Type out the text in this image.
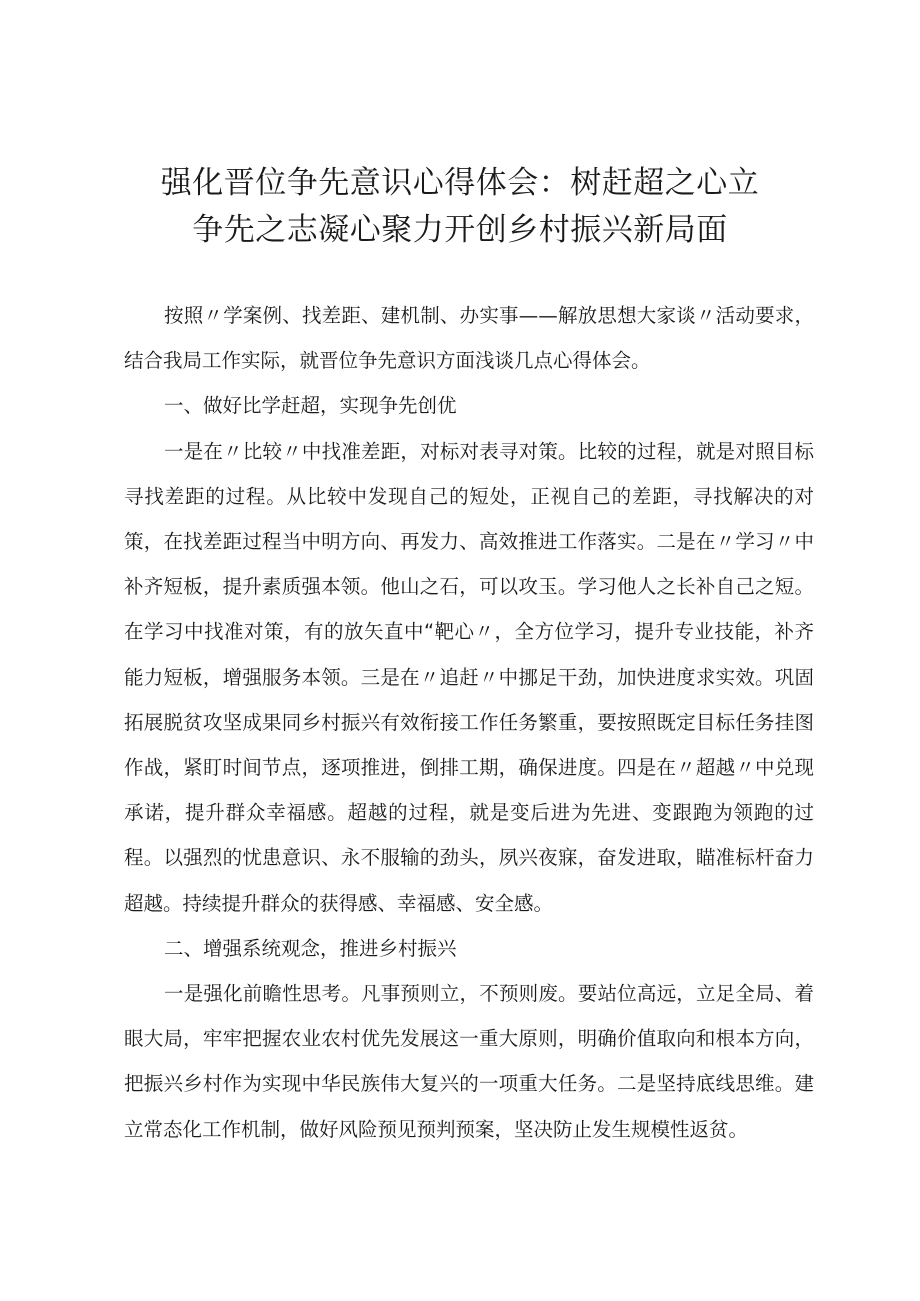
强化晋位争先意识心得体会：树赶超之心立
争先之志凝心聚力开创乡村振兴新局面

按照〃学案例、找差距、建机制、办实事——解放思想大家谈〃活动要求，结合我局工作实际，就晋位争先意识方面浅谈几点心得体会。

一、做好比学赶超，实现争先创优

一是在〃比较〃中找准差距，对标对表寻对策。比较的过程，就是对照目标寻找差距的过程。从比较中发现自己的短处，正视自己的差距，寻找解决的对策，在找差距过程当中明方向、再发力、高效推进工作落实。二是在〃学习〃中补齐短板，提升素质强本领。他山之石，可以攻玉。学习他人之长补自己之短。在学习中找准对策，有的放矢直中“靶心〃，全方位学习，提升专业技能，补齐能力短板，增强服务本领。三是在〃追赶〃中挪足干劲，加快进度求实效。巩固拓展脱贫攻坚成果同乡村振兴有效衔接工作任务繁重，要按照既定目标任务挂图作战，紧盯时间节点，逐项推进，倒排工期，确保进度。四是在〃超越〃中兑现承诺，提升群众幸福感。超越的过程，就是变后进为先进、变跟跑为领跑的过程。以强烈的忧患意识、永不服输的劲头，夙兴夜寐，奋发进取，瞄准标杆奋力超越。持续提升群众的获得感、幸福感、安全感。

二、增强系统观念，推进乡村振兴

一是强化前瞻性思考。凡事预则立，不预则废。要站位高远，立足全局、着眼大局，牢牢把握农业农村优先发展这一重大原则，明确价值取向和根本方向，把振兴乡村作为实现中华民族伟大复兴的一项重大任务。二是坚持底线思维。建立常态化工作机制，做好风险预见预判预案，坚决防止发生规模性返贫。
